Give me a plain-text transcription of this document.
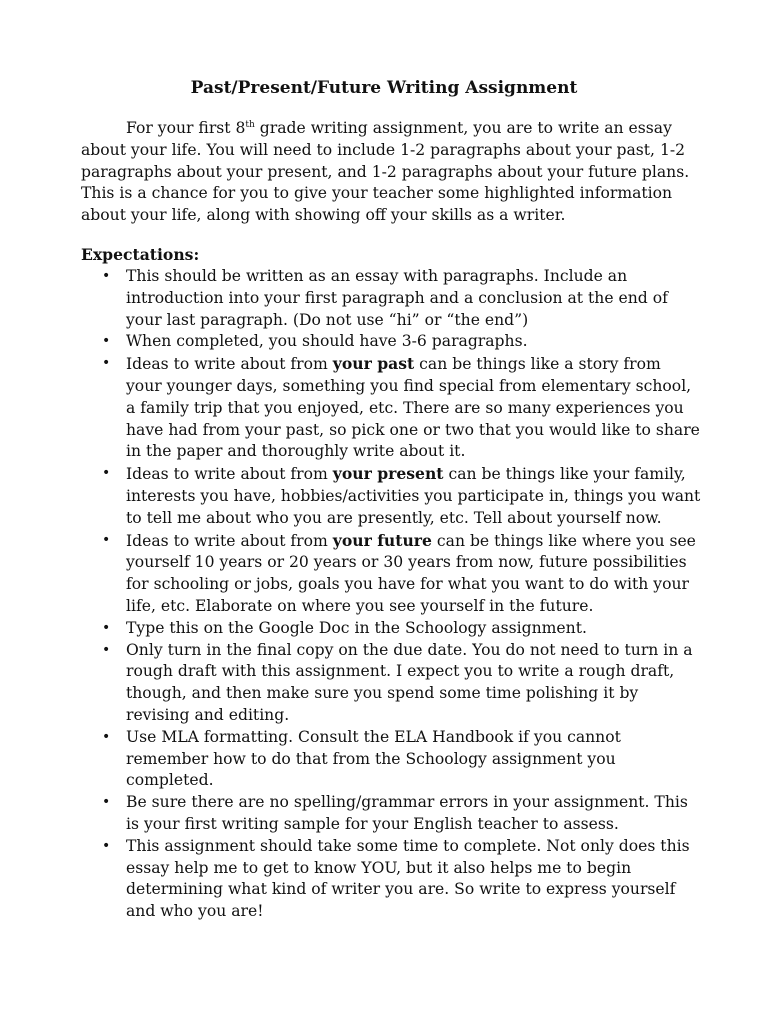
Past/Present/Future Writing Assignment

For your first 8th grade writing assignment, you are to write an essay about your life. You will need to include 1-2 paragraphs about your past, 1-2 paragraphs about your present, and 1-2 paragraphs about your future plans. This is a chance for you to give your teacher some highlighted information about your life, along with showing off your skills as a writer.

Expectations:
• This should be written as an essay with paragraphs. Include an introduction into your first paragraph and a conclusion at the end of your last paragraph. (Do not use “hi” or “the end”)
• When completed, you should have 3-6 paragraphs.
• Ideas to write about from your past can be things like a story from your younger days, something you find special from elementary school, a family trip that you enjoyed, etc. There are so many experiences you have had from your past, so pick one or two that you would like to share in the paper and thoroughly write about it.
• Ideas to write about from your present can be things like your family, interests you have, hobbies/activities you participate in, things you want to tell me about who you are presently, etc. Tell about yourself now.
• Ideas to write about from your future can be things like where you see yourself 10 years or 20 years or 30 years from now, future possibilities for schooling or jobs, goals you have for what you want to do with your life, etc. Elaborate on where you see yourself in the future.
• Type this on the Google Doc in the Schoology assignment.
• Only turn in the final copy on the due date. You do not need to turn in a rough draft with this assignment. I expect you to write a rough draft, though, and then make sure you spend some time polishing it by revising and editing.
• Use MLA formatting. Consult the ELA Handbook if you cannot remember how to do that from the Schoology assignment you completed.
• Be sure there are no spelling/grammar errors in your assignment. This is your first writing sample for your English teacher to assess.
• This assignment should take some time to complete. Not only does this essay help me to get to know YOU, but it also helps me to begin determining what kind of writer you are. So write to express yourself and who you are!
